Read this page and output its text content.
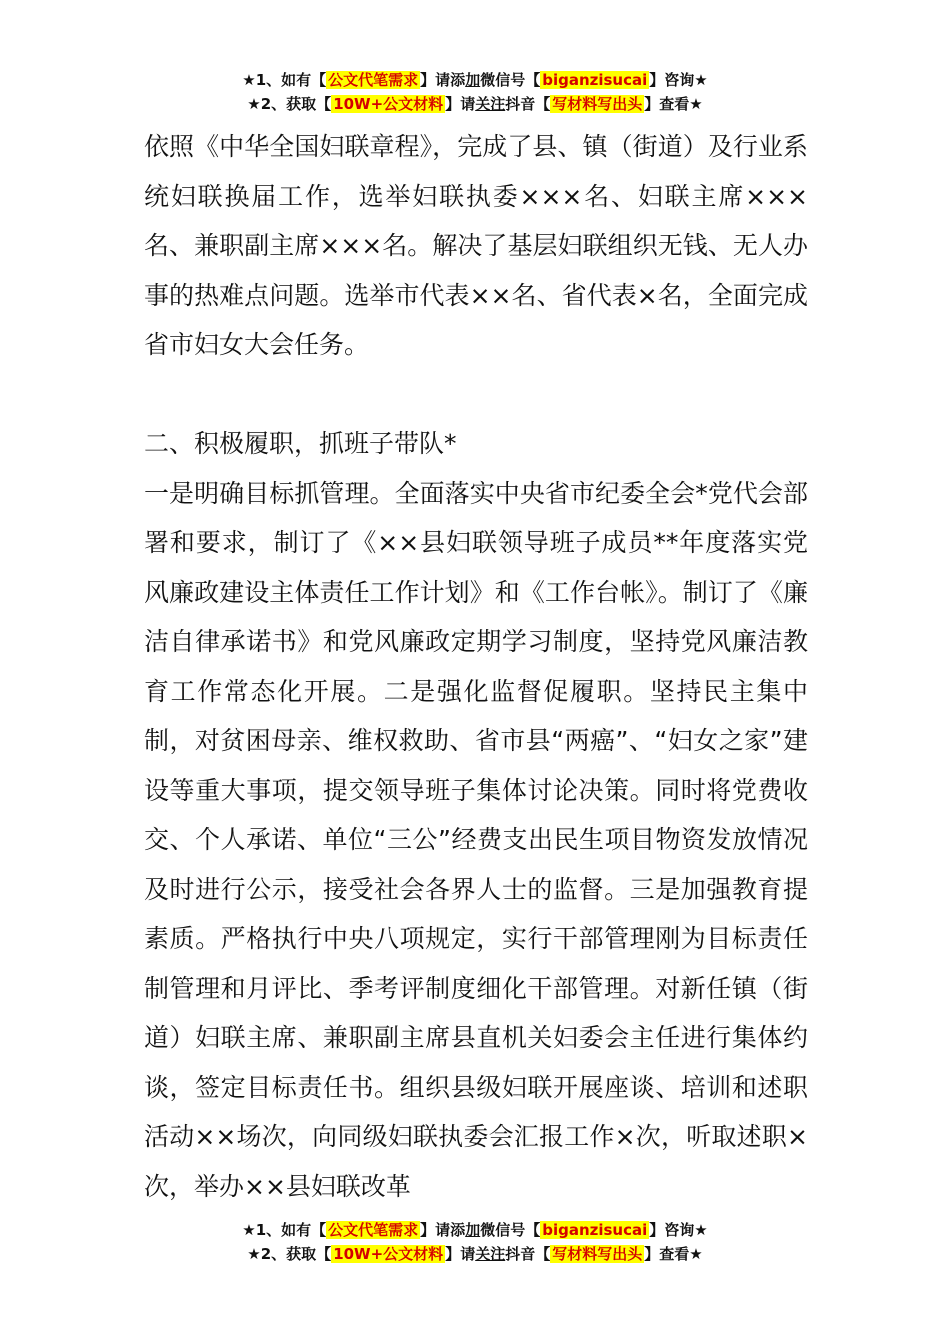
★1、如有【 公文代笔需求 】请添加微信号【 biganzisucai 】咨询★
★2、获取【 10W+公文材料 】请关注抖音【 写材料写出头 】查看★
依照《中华全国妇联章程》，完成了县、镇（街道）及行业系统妇联换届工作，选举妇联执委×××名、妇联主席×××名、兼职副主席×××名。解决了基层妇联组织无钱、无人办事的热难点问题。选举市代表××名、省代表×名，全面完成省市妇女大会任务。
二、积极履职，抓班子带队*
一是明确目标抓管理。全面落实中央省市纪委全会*党代会部署和要求，制订了《××县妇联领导班子成员**年度落实党风廉政建设主体责任工作计划》和《工作台帐》。制订了《廉洁自律承诺书》和党风廉政定期学习制度，坚持党风廉洁教育工作常态化开展。二是强化监督促履职。坚持民主集中制，对贫困母亲、维权救助、省市县“两癌”、“妇女之家”建设等重大事项，提交领导班子集体讨论决策。同时将党费收交、个人承诺、单位“三公”经费支出民生项目物资发放情况及时进行公示，接受社会各界人士的监督。三是加强教育提素质。严格执行中央八项规定，实行干部管理刚为目标责任制管理和月评比、季考评制度细化干部管理。对新任镇（街道）妇联主席、兼职副主席县直机关妇委会主任进行集体约谈，签定目标责任书。组织县级妇联开展座谈、培训和述职活动××场次，向同级妇联执委会汇报工作×次，听取述职×次，举办××县妇联改革
★1、如有【 公文代笔需求 】请添加微信号【 biganzisucai 】咨询★
★2、获取【 10W+公文材料 】请关注抖音【 写材料写出头 】查看★
